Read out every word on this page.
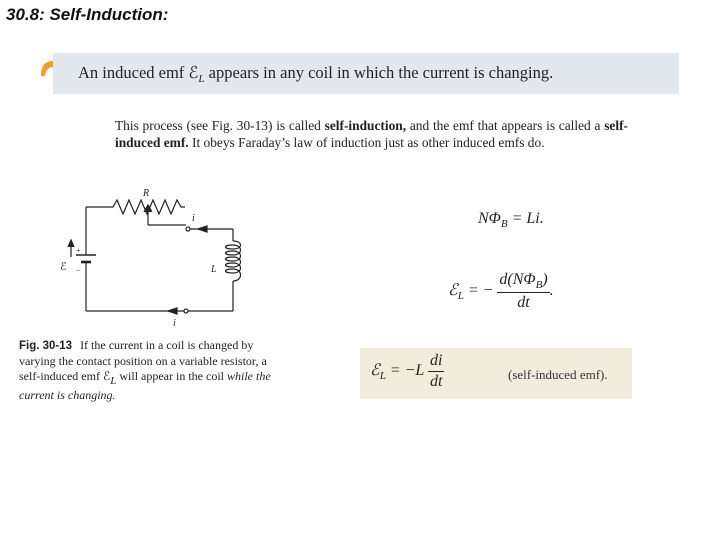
30.8: Self-Induction:
An induced emf ℰ$_L$ appears in any coil in which the current is changing.
This process (see Fig. 30-13) is called self-induction, and the emf that appears is called a self-induced emf. It obeys Faraday’s law of induction just as other induced emfs do.
R
i
L
ℰ
+
−
i
$N\Phi_B = Li$.
ℰ$_L$ = − $\frac{d(N\Phi_B)}{dt}$ .
ℰ$_L$ = $-L \frac{di}{dt}$	(self-induced emf).
Fig. 30-13 If the current in a coil is changed by varying the contact position on a variable resistor, a self-induced emf ℰL will appear in the coil while the current is changing.
